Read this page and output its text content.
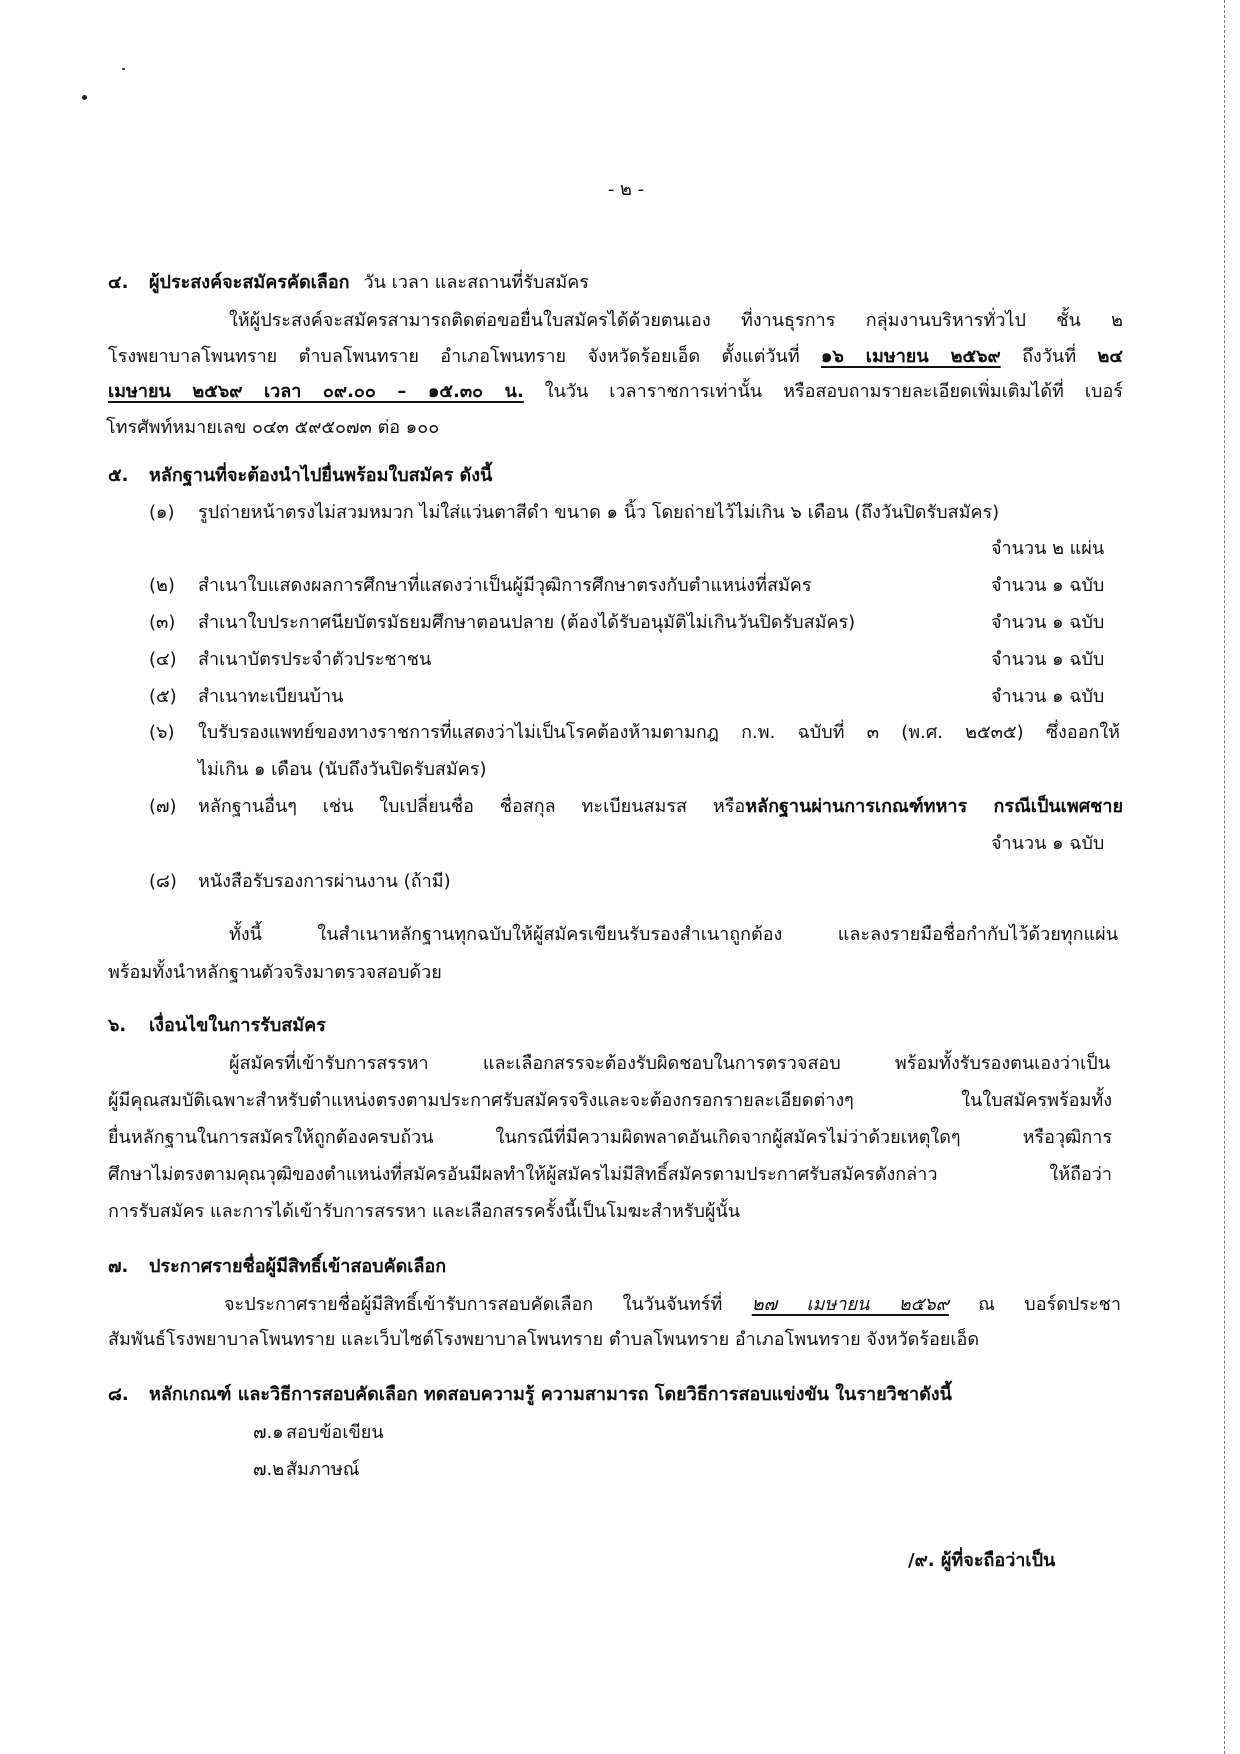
- ๒ -
๔. ผู้ประสงค์จะสมัครคัดเลือก วัน เวลา และสถานที่รับสมัคร
ให้ผู้ประสงค์จะสมัครสามารถติดต่อขอยื่นใบสมัครได้ด้วยตนเอง ที่งานธุรการ กลุ่มงานบริหารทั่วไป ชั้น ๒
โรงพยาบาลโพนทราย ตำบลโพนทราย อำเภอโพนทราย จังหวัดร้อยเอ็ด ตั้งแต่วันที่ ๑๖ เมษายน ๒๕๖๙ ถึงวันที่ ๒๔
เมษายน ๒๕๖๙ เวลา ๐๙.๐๐ – ๑๕.๓๐ น. ในวัน เวลาราชการเท่านั้น หรือสอบถามรายละเอียดเพิ่มเติมได้ที่ เบอร์
โทรศัพท์หมายเลข ๐๔๓ ๕๙๕๐๗๓ ต่อ ๑๐๐
๕. หลักฐานที่จะต้องนำไปยื่นพร้อมใบสมัคร ดังนี้
(๑) รูปถ่ายหน้าตรงไม่สวมหมวก ไม่ใส่แว่นตาสีดำ ขนาด ๑ นิ้ว โดยถ่ายไว้ไม่เกิน ๖ เดือน (ถึงวันปิดรับสมัคร)
จำนวน ๒ แผ่น
(๒) สำเนาใบแสดงผลการศึกษาที่แสดงว่าเป็นผู้มีวุฒิการศึกษาตรงกับตำแหน่งที่สมัคร	จำนวน ๑ ฉบับ
(๓) สำเนาใบประกาศนียบัตรมัธยมศึกษาตอนปลาย (ต้องได้รับอนุมัติไม่เกินวันปิดรับสมัคร)	จำนวน ๑ ฉบับ
(๔) สำเนาบัตรประจำตัวประชาชน	จำนวน ๑ ฉบับ
(๕) สำเนาทะเบียนบ้าน	จำนวน ๑ ฉบับ
(๖) ใบรับรองแพทย์ของทางราชการที่แสดงว่าไม่เป็นโรคต้องห้ามตามกฎ ก.พ. ฉบับที่ ๓ (พ.ศ. ๒๕๓๕) ซึ่งออกให้
ไม่เกิน ๑ เดือน (นับถึงวันปิดรับสมัคร)
(๗) หลักฐานอื่นๆ เช่น ใบเปลี่ยนชื่อ ชื่อสกุล ทะเบียนสมรส หรือหลักฐานผ่านการเกณฑ์ทหาร กรณีเป็นเพศชาย
จำนวน ๑ ฉบับ
(๘) หนังสือรับรองการผ่านงาน (ถ้ามี)
ทั้งนี้ ในสำเนาหลักฐานทุกฉบับให้ผู้สมัครเขียนรับรองสำเนาถูกต้อง และลงรายมือชื่อกำกับไว้ด้วยทุกแผ่น
พร้อมทั้งนำหลักฐานตัวจริงมาตรวจสอบด้วย
๖. เงื่อนไขในการรับสมัคร
ผู้สมัครที่เข้ารับการสรรหา และเลือกสรรจะต้องรับผิดชอบในการตรวจสอบ พร้อมทั้งรับรองตนเองว่าเป็น
ผู้มีคุณสมบัติเฉพาะสำหรับตำแหน่งตรงตามประกาศรับสมัครจริงและจะต้องกรอกรายละเอียดต่างๆ ในใบสมัครพร้อมทั้ง
ยื่นหลักฐานในการสมัครให้ถูกต้องครบถ้วน ในกรณีที่มีความผิดพลาดอันเกิดจากผู้สมัครไม่ว่าด้วยเหตุใดๆ หรือวุฒิการ
ศึกษาไม่ตรงตามคุณวุฒิของตำแหน่งที่สมัครอันมีผลทำให้ผู้สมัครไม่มีสิทธิ์สมัครตามประกาศรับสมัครดังกล่าว ให้ถือว่า
การรับสมัคร และการได้เข้ารับการสรรหา และเลือกสรรครั้งนี้เป็นโมฆะสำหรับผู้นั้น
๗. ประกาศรายชื่อผู้มีสิทธิ์เข้าสอบคัดเลือก
จะประกาศรายชื่อผู้มีสิทธิ์เข้ารับการสอบคัดเลือก ในวันจันทร์ที่ ๒๗ เมษายน ๒๕๖๙ ณ บอร์ดประชา
สัมพันธ์โรงพยาบาลโพนทราย และเว็บไซต์โรงพยาบาลโพนทราย ตำบลโพนทราย อำเภอโพนทราย จังหวัดร้อยเอ็ด
๘. หลักเกณฑ์ และวิธีการสอบคัดเลือก ทดสอบความรู้ ความสามารถ โดยวิธีการสอบแข่งขัน ในรายวิชาดังนี้
๗.๑ สอบข้อเขียน
๗.๒ สัมภาษณ์
/๙. ผู้ที่จะถือว่าเป็น
